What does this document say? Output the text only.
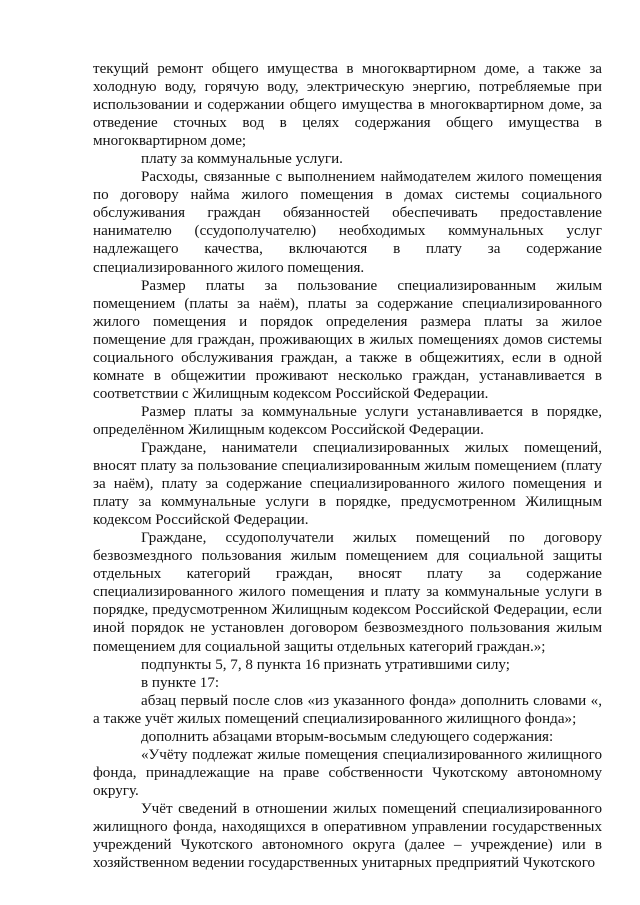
текущий ремонт общего имущества в многоквартирном доме, а также за холодную воду, горячую воду, электрическую энергию, потребляемые при использовании и содержании общего имущества в многоквартирном доме, за отведение сточных вод в целях содержания общего имущества в многоквартирном доме;

плату за коммунальные услуги.

Расходы, связанные с выполнением наймодателем жилого помещения по договору найма жилого помещения в домах системы социального обслуживания граждан обязанностей обеспечивать предоставление нанимателю (ссудополучателю) необходимых коммунальных услуг надлежащего качества, включаются в плату за содержание специализированного жилого помещения.

Размер платы за пользование специализированным жилым помещением (платы за наём), платы за содержание специализированного жилого помещения и порядок определения размера платы за жилое помещение для граждан, проживающих в жилых помещениях домов системы социального обслуживания граждан, а также в общежитиях, если в одной комнате в общежитии проживают несколько граждан, устанавливается в соответствии с Жилищным кодексом Российской Федерации.

Размер платы за коммунальные услуги устанавливается в порядке, определённом Жилищным кодексом Российской Федерации.

Граждане, наниматели специализированных жилых помещений, вносят плату за пользование специализированным жилым помещением (плату за наём), плату за содержание специализированного жилого помещения и плату за коммунальные услуги в порядке, предусмотренном Жилищным кодексом Российской Федерации.

Граждане, ссудополучатели жилых помещений по договору безвозмездного пользования жилым помещением для социальной защиты отдельных категорий граждан, вносят плату за содержание специализированного жилого помещения и плату за коммунальные услуги в порядке, предусмотренном Жилищным кодексом Российской Федерации, если иной порядок не установлен договором безвозмездного пользования жилым помещением для социальной защиты отдельных категорий граждан.»;

подпункты 5, 7, 8 пункта 16 признать утратившими силу;

в пункте 17:

абзац первый после слов «из указанного фонда» дополнить словами «, а также учёт жилых помещений специализированного жилищного фонда»;

дополнить абзацами вторым-восьмым следующего содержания:

«Учёту подлежат жилые помещения специализированного жилищного фонда, принадлежащие на праве собственности Чукотскому автономному округу.

Учёт сведений в отношении жилых помещений специализированного жилищного фонда, находящихся в оперативном управлении государственных учреждений Чукотского автономного округа (далее – учреждение) или в хозяйственном ведении государственных унитарных предприятий Чукотского
